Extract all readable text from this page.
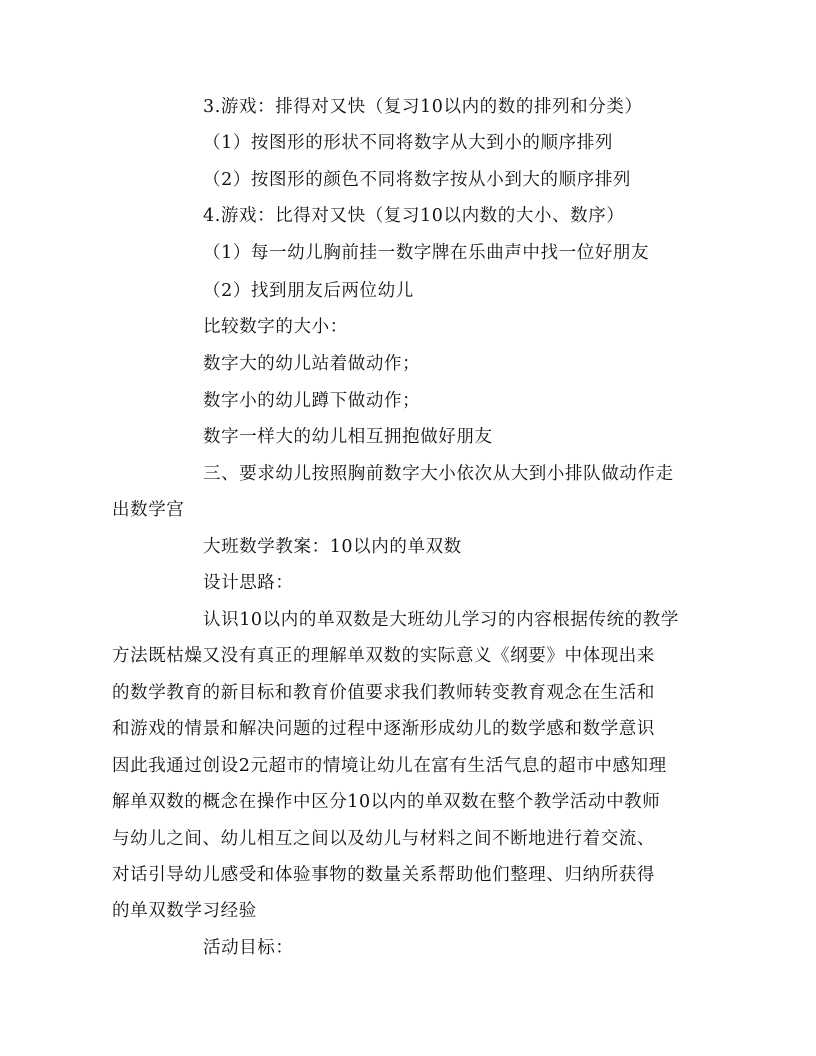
3.游戏：排得对又快（复习10以内的数的排列和分类）
（1）按图形的形状不同将数字从大到小的顺序排列
（2）按图形的颜色不同将数字按从小到大的顺序排列
4.游戏：比得对又快（复习10以内数的大小、数序）
（1）每一幼儿胸前挂一数字牌在乐曲声中找一位好朋友
（2）找到朋友后两位幼儿
比较数字的大小：
数字大的幼儿站着做动作；
数字小的幼儿蹲下做动作；
数字一样大的幼儿相互拥抱做好朋友
三、要求幼儿按照胸前数字大小依次从大到小排队做动作走
出数学宫
大班数学教案：10以内的单双数
设计思路：
认识10以内的单双数是大班幼儿学习的内容根据传统的教学
方法既枯燥又没有真正的理解单双数的实际意义《纲要》中体现出来
的数学教育的新目标和教育价值要求我们教师转变教育观念在生活和
和游戏的情景和解决问题的过程中逐渐形成幼儿的数学感和数学意识
因此我通过创设2元超市的情境让幼儿在富有生活气息的超市中感知理
解单双数的概念在操作中区分10以内的单双数在整个教学活动中教师
与幼儿之间、幼儿相互之间以及幼儿与材料之间不断地进行着交流、
对话引导幼儿感受和体验事物的数量关系帮助他们整理、归纳所获得
的单双数学习经验
活动目标：
